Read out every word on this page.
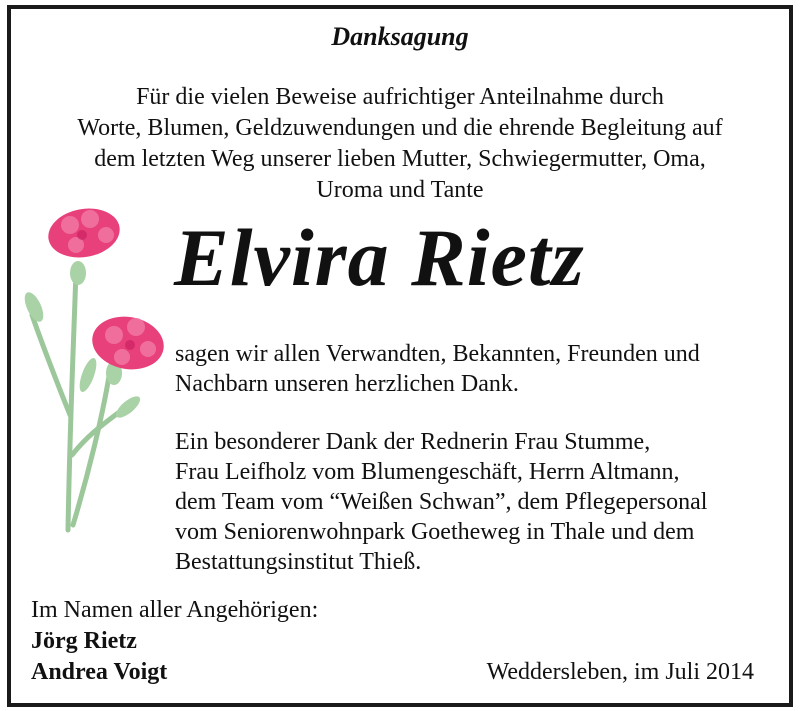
Danksagung
Für die vielen Beweise aufrichtiger Anteilnahme durch
Worte, Blumen, Geldzuwendungen und die ehrende Begleitung auf
dem letzten Weg unserer lieben Mutter, Schwiegermutter, Oma,
Uroma und Tante
Elvira Rietz
sagen wir allen Verwandten, Bekannten, Freunden und
Nachbarn unseren herzlichen Dank.
Ein besonderer Dank der Rednerin Frau Stumme,
Frau Leifholz vom Blumengeschäft, Herrn Altmann,
dem Team vom “Weißen Schwan”, dem Pflegepersonal
vom Seniorenwohnpark Goetheweg in Thale und dem
Bestattungsinstitut Thieß.
Im Namen aller Angehörigen:
Jörg Rietz
Andrea Voigt	Weddersleben, im Juli 2014
